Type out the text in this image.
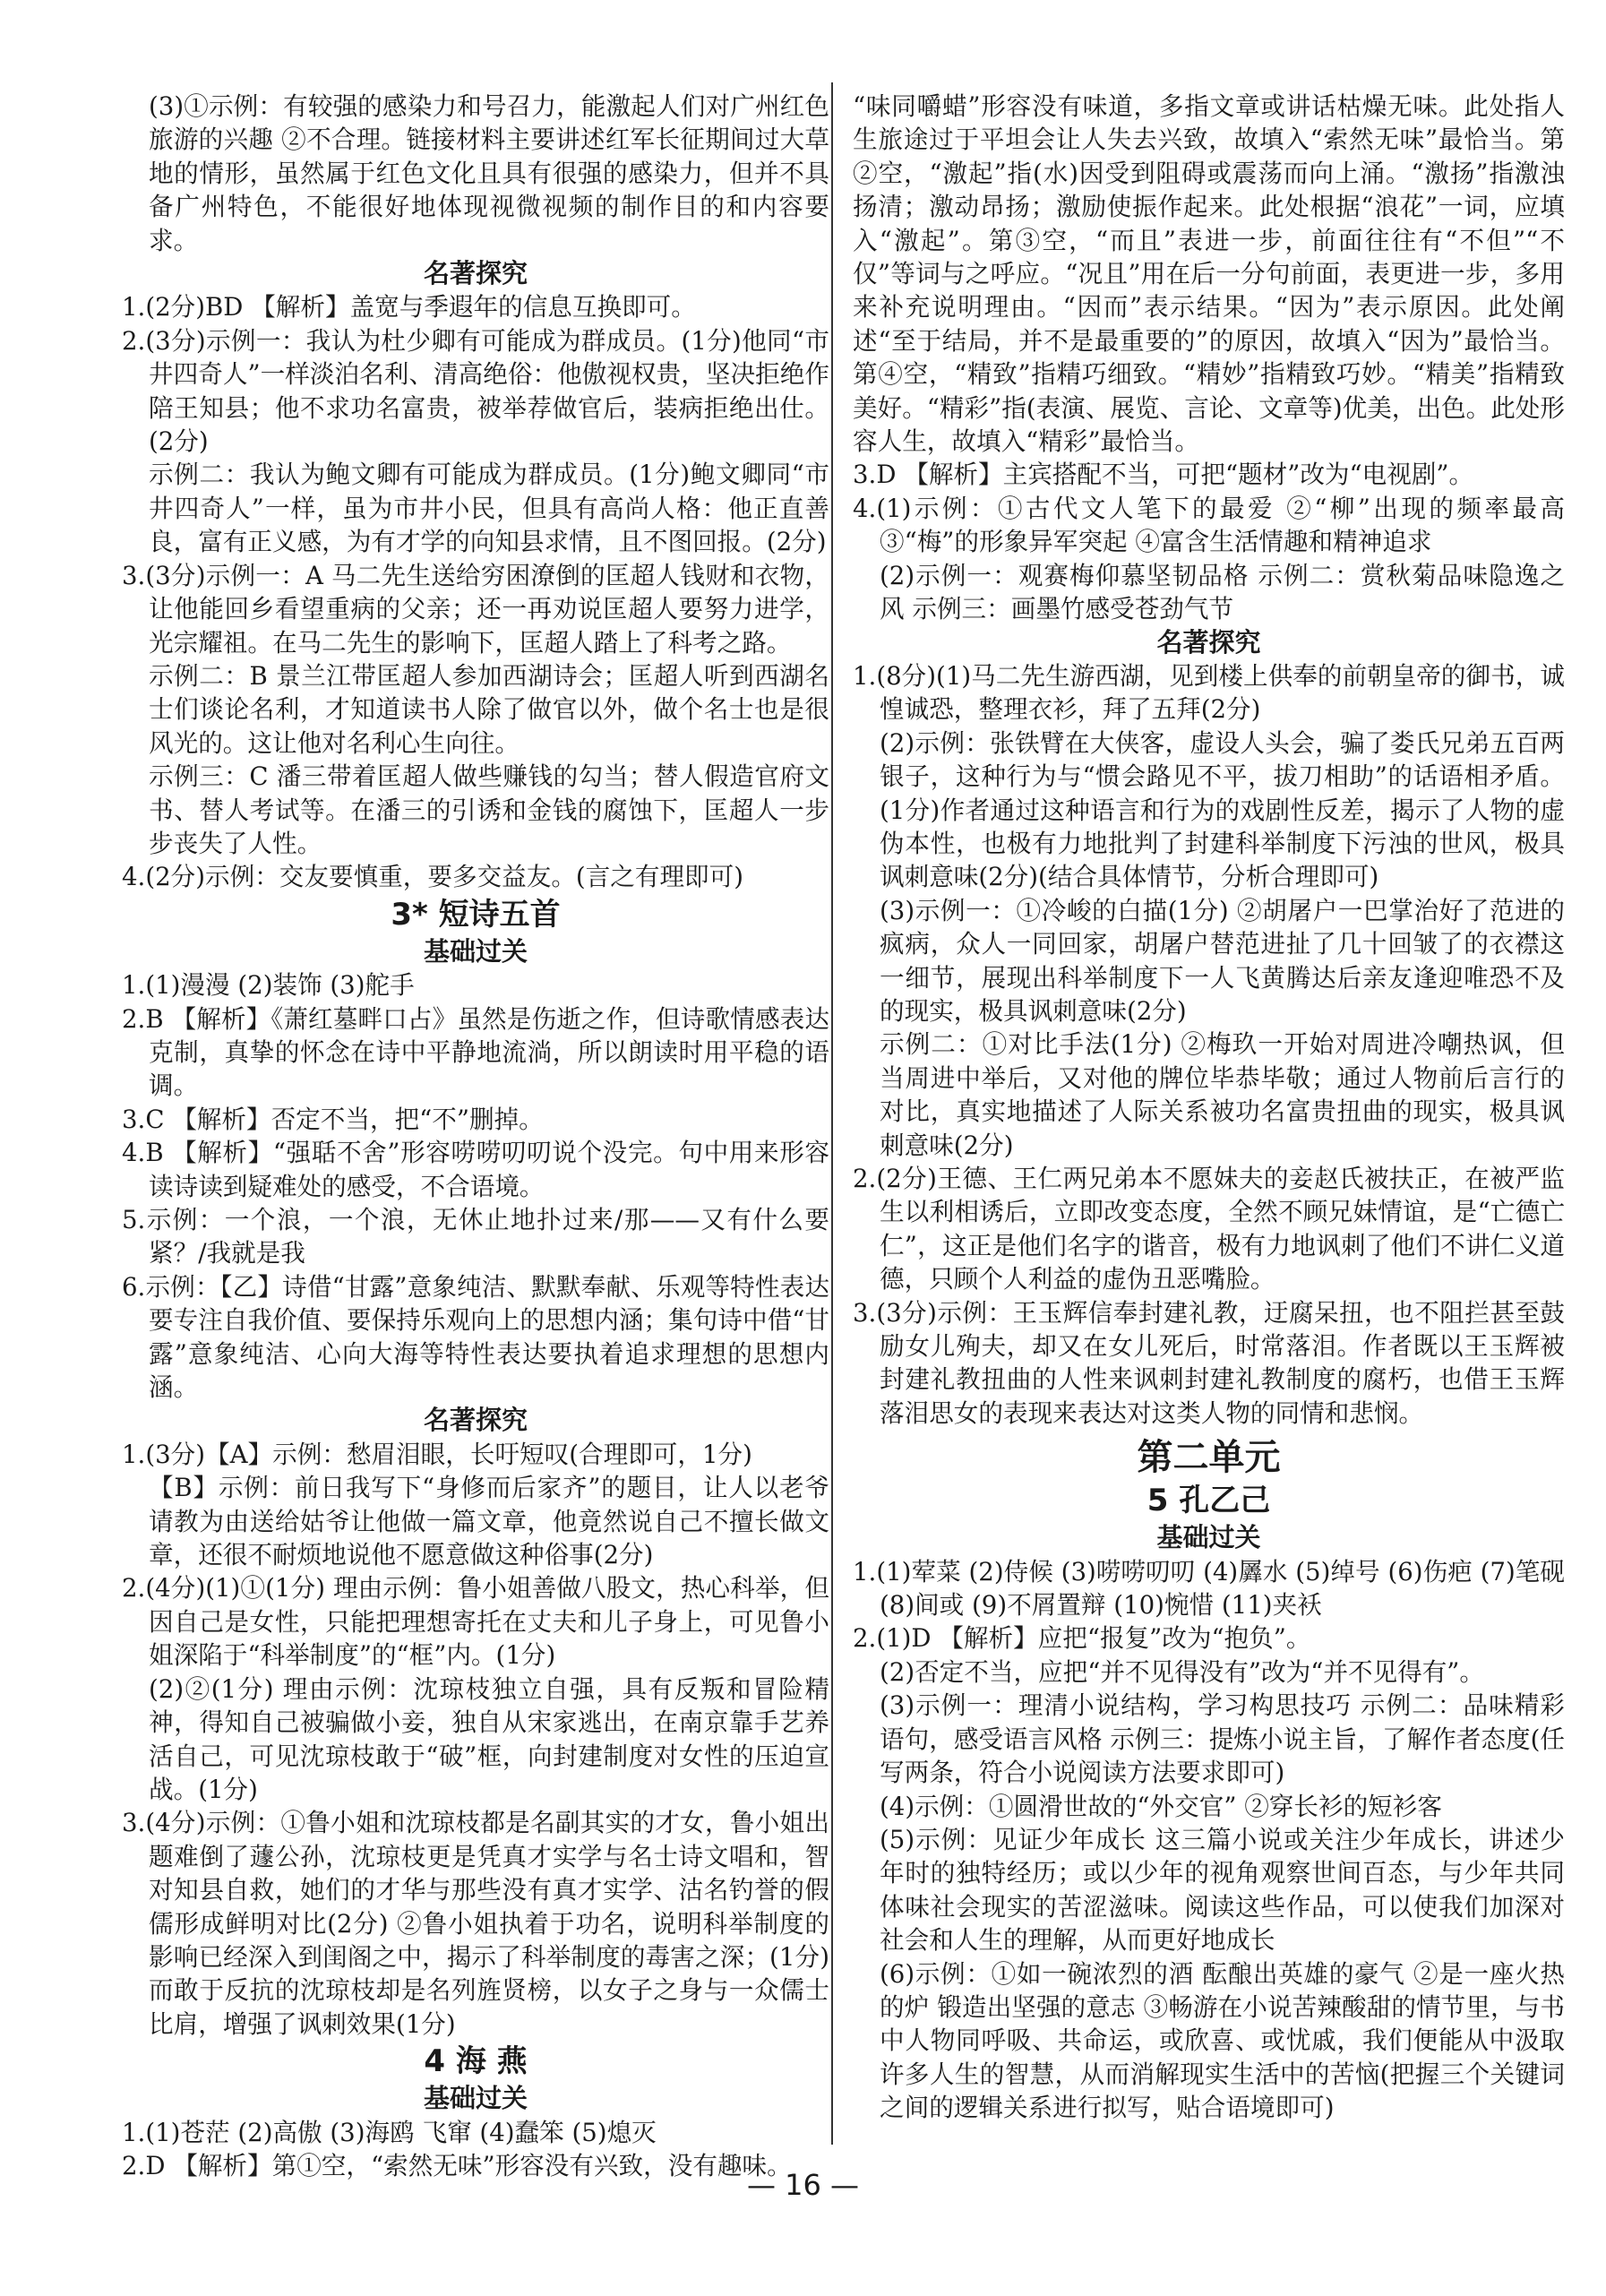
(3)①示例：有较强的感染力和号召力，能激起人们对广州红色旅游的兴趣 ②不合理。链接材料主要讲述红军长征期间过大草地的情形，虽然属于红色文化且具有很强的感染力，但并不具备广州特色，不能很好地体现视微视频的制作目的和内容要求。

名著探究

1.(2分)BD 【解析】盖宽与季遐年的信息互换即可。

2.(3分)示例一：我认为杜少卿有可能成为群成员。(1分)他同“市井四奇人”一样淡泊名利、清高绝俗：他傲视权贵，坚决拒绝作陪王知县；他不求功名富贵，被举荐做官后，装病拒绝出仕。(2分)

示例二：我认为鲍文卿有可能成为群成员。(1分)鲍文卿同“市井四奇人”一样，虽为市井小民，但具有高尚人格：他正直善良，富有正义感，为有才学的向知县求情，且不图回报。(2分)

3.(3分)示例一：A 马二先生送给穷困潦倒的匡超人钱财和衣物，让他能回乡看望重病的父亲；还一再劝说匡超人要努力进学，光宗耀祖。在马二先生的影响下，匡超人踏上了科考之路。

示例二：B 景兰江带匡超人参加西湖诗会；匡超人听到西湖名士们谈论名利，才知道读书人除了做官以外，做个名士也是很风光的。这让他对名利心生向往。

示例三：C 潘三带着匡超人做些赚钱的勾当；替人假造官府文书、替人考试等。在潘三的引诱和金钱的腐蚀下，匡超人一步步丧失了人性。

4.(2分)示例：交友要慎重，要多交益友。(言之有理即可)

3* 短诗五首

基础过关

1.(1)漫漫 (2)装饰 (3)舵手

2.B 【解析】《萧红墓畔口占》虽然是伤逝之作，但诗歌情感表达克制，真挚的怀念在诗中平静地流淌，所以朗读时用平稳的语调。

3.C 【解析】否定不当，把“不”删掉。

4.B 【解析】“强聒不舍”形容唠唠叨叨说个没完。句中用来形容读诗读到疑难处的感受，不合语境。

5.示例：一个浪，一个浪，无休止地扑过来/那——又有什么要紧？/我就是我

6.示例：【乙】诗借“甘露”意象纯洁、默默奉献、乐观等特性表达要专注自我价值、要保持乐观向上的思想内涵；集句诗中借“甘露”意象纯洁、心向大海等特性表达要执着追求理想的思想内涵。

名著探究

1.(3分)【A】示例：愁眉泪眼，长吁短叹(合理即可，1分)

【B】示例：前日我写下“身修而后家齐”的题目，让人以老爷请教为由送给姑爷让他做一篇文章，他竟然说自己不擅长做文章，还很不耐烦地说他不愿意做这种俗事(2分)

2.(4分)(1)①(1分) 理由示例：鲁小姐善做八股文，热心科举，但因自己是女性，只能把理想寄托在丈夫和儿子身上，可见鲁小姐深陷于“科举制度”的“框”内。(1分)

(2)②(1分) 理由示例：沈琼枝独立自强，具有反叛和冒险精神，得知自己被骗做小妾，独自从宋家逃出，在南京靠手艺养活自己，可见沈琼枝敢于“破”框，向封建制度对女性的压迫宣战。(1分)

3.(4分)示例：①鲁小姐和沈琼枝都是名副其实的才女，鲁小姐出题难倒了蘧公孙，沈琼枝更是凭真才实学与名士诗文唱和，智对知县自救，她们的才华与那些没有真才实学、沽名钓誉的假儒形成鲜明对比(2分) ②鲁小姐执着于功名，说明科举制度的影响已经深入到闺阁之中，揭示了科举制度的毒害之深；(1分)而敢于反抗的沈琼枝却是名列旌贤榜，以女子之身与一众儒士比肩，增强了讽刺效果(1分)

4 海 燕

基础过关

1.(1)苍茫 (2)高傲 (3)海鸥 飞窜 (4)蠢笨 (5)熄灭

2.D 【解析】第①空，“索然无味”形容没有兴致，没有趣味。

“味同嚼蜡”形容没有味道，多指文章或讲话枯燥无味。此处指人生旅途过于平坦会让人失去兴致，故填入“索然无味”最恰当。第②空，“激起”指(水)因受到阻碍或震荡而向上涌。“激扬”指激浊扬清；激动昂扬；激励使振作起来。此处根据“浪花”一词，应填入“激起”。第③空，“而且”表进一步，前面往往有“不但”“不仅”等词与之呼应。“况且”用在后一分句前面，表更进一步，多用来补充说明理由。“因而”表示结果。“因为”表示原因。此处阐述“至于结局，并不是最重要的”的原因，故填入“因为”最恰当。第④空，“精致”指精巧细致。“精妙”指精致巧妙。“精美”指精致美好。“精彩”指(表演、展览、言论、文章等)优美，出色。此处形容人生，故填入“精彩”最恰当。

3.D 【解析】主宾搭配不当，可把“题材”改为“电视剧”。

4.(1)示例：①古代文人笔下的最爱 ②“柳”出现的频率最高 ③“梅”的形象异军突起 ④富含生活情趣和精神追求

(2)示例一：观赛梅仰慕坚韧品格 示例二：赏秋菊品味隐逸之风 示例三：画墨竹感受苍劲气节

名著探究

1.(8分)(1)马二先生游西湖，见到楼上供奉的前朝皇帝的御书，诚惶诚恐，整理衣衫，拜了五拜(2分)

(2)示例：张铁臂在大侠客，虚设人头会，骗了娄氏兄弟五百两银子，这种行为与“惯会路见不平，拔刀相助”的话语相矛盾。(1分)作者通过这种语言和行为的戏剧性反差，揭示了人物的虚伪本性，也极有力地批判了封建科举制度下污浊的世风，极具讽刺意味(2分)(结合具体情节，分析合理即可)

(3)示例一：①冷峻的白描(1分) ②胡屠户一巴掌治好了范进的疯病，众人一同回家，胡屠户替范进扯了几十回皱了的衣襟这一细节，展现出科举制度下一人飞黄腾达后亲友逢迎唯恐不及的现实，极具讽刺意味(2分)

示例二：①对比手法(1分) ②梅玖一开始对周进冷嘲热讽，但当周进中举后，又对他的牌位毕恭毕敬；通过人物前后言行的对比，真实地描述了人际关系被功名富贵扭曲的现实，极具讽刺意味(2分)

2.(2分)王德、王仁两兄弟本不愿妹夫的妾赵氏被扶正，在被严监生以利相诱后，立即改变态度，全然不顾兄妹情谊，是“亡德亡仁”，这正是他们名字的谐音，极有力地讽刺了他们不讲仁义道德，只顾个人利益的虚伪丑恶嘴脸。

3.(3分)示例：王玉辉信奉封建礼教，迂腐呆扭，也不阻拦甚至鼓励女儿殉夫，却又在女儿死后，时常落泪。作者既以王玉辉被封建礼教扭曲的人性来讽刺封建礼教制度的腐朽，也借王玉辉落泪思女的表现来表达对这类人物的同情和悲悯。

第二单元

5 孔乙己

基础过关

1.(1)荤菜 (2)侍候 (3)唠唠叨叨 (4)羼水 (5)绰号 (6)伤疤 (7)笔砚 (8)间或 (9)不屑置辩 (10)惋惜 (11)夹袄

2.(1)D 【解析】应把“报复”改为“抱负”。

(2)否定不当，应把“并不见得没有”改为“并不见得有”。

(3)示例一：理清小说结构，学习构思技巧 示例二：品味精彩语句，感受语言风格 示例三：提炼小说主旨，了解作者态度(任写两条，符合小说阅读方法要求即可)

(4)示例：①圆滑世故的“外交官” ②穿长衫的短衫客

(5)示例：见证少年成长 这三篇小说或关注少年成长，讲述少年时的独特经历；或以少年的视角观察世间百态，与少年共同体味社会现实的苦涩滋味。阅读这些作品，可以使我们加深对社会和人生的理解，从而更好地成长

(6)示例：①如一碗浓烈的酒 酝酿出英雄的豪气 ②是一座火热的炉 锻造出坚强的意志 ③畅游在小说苦辣酸甜的情节里，与书中人物同呼吸、共命运，或欣喜、或忧戚，我们便能从中汲取许多人生的智慧，从而消解现实生活中的苦恼(把握三个关键词之间的逻辑关系进行拟写，贴合语境即可)

— 16 —
